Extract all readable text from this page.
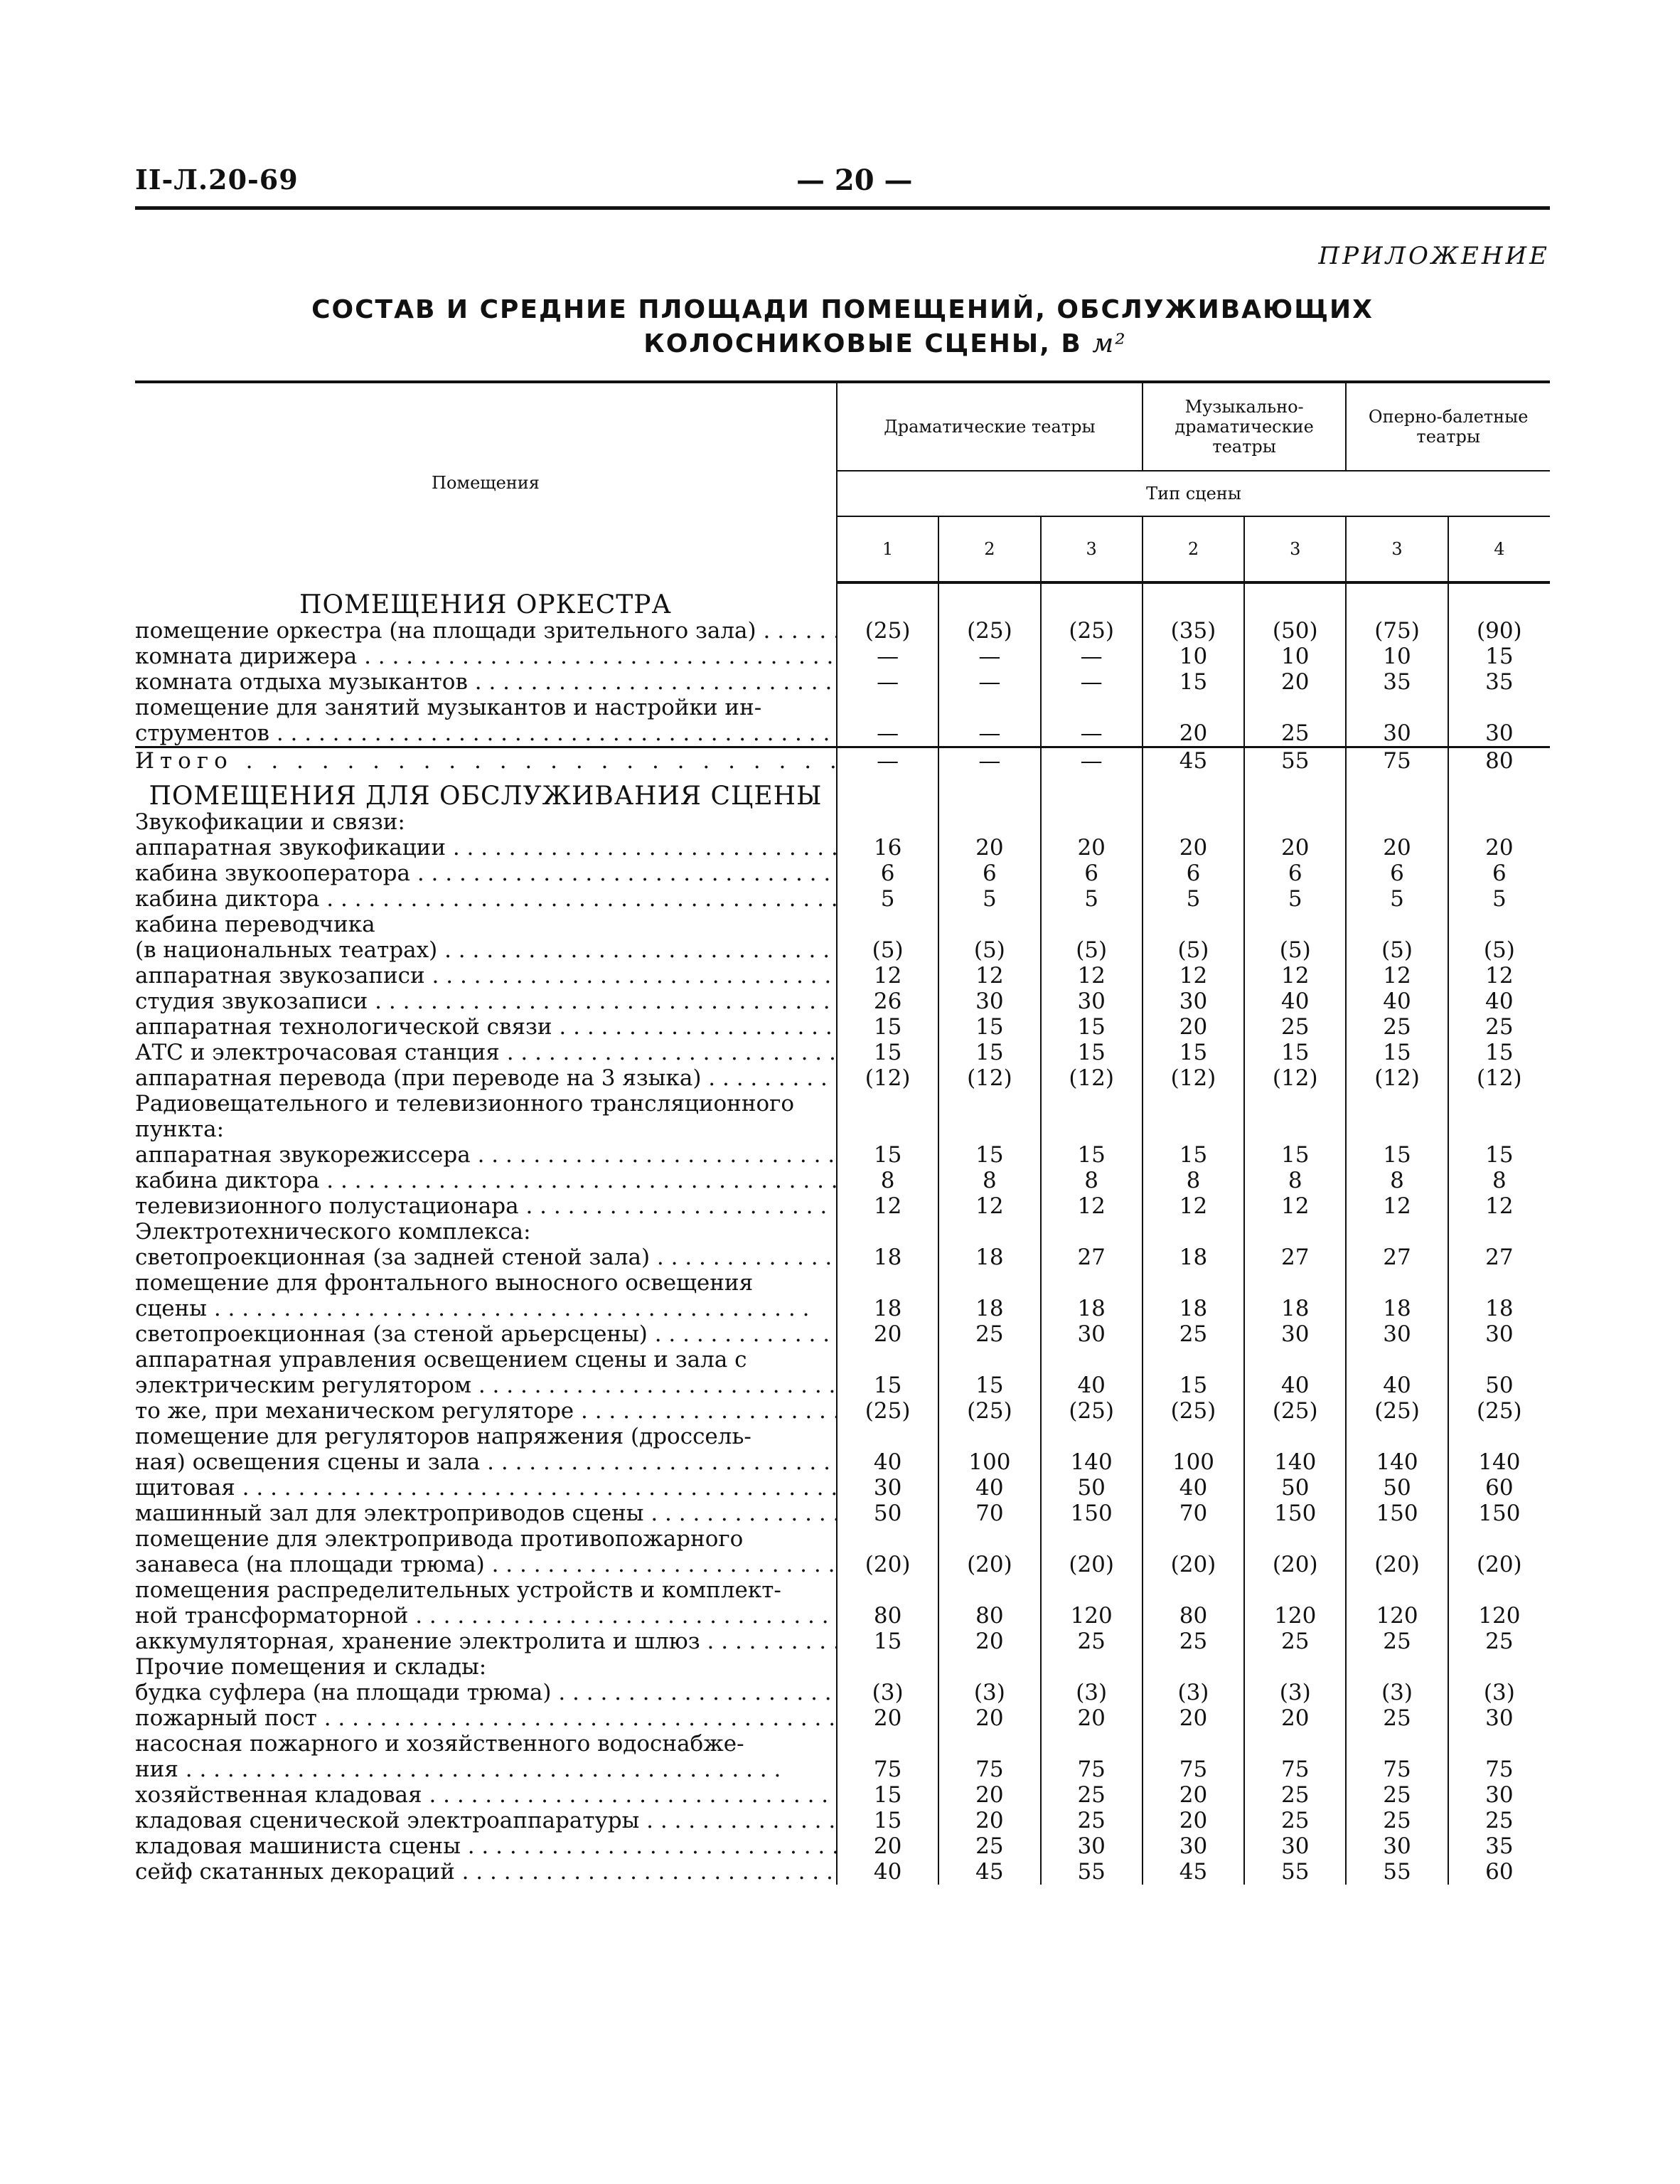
II-Л.20-69	— 20 —
ПРИЛОЖЕНИЕ
СОСТАВ И СРЕДНИЕ ПЛОЩАДИ ПОМЕЩЕНИЙ, ОБСЛУЖИВАЮЩИХ
КОЛОСНИКОВЫЕ СЦЕНЫ, В м²
Помещения	Драматические театры			Музыкально-драматические театры		Оперно-балетные театры	
	Тип сцены						
	1	2	3	2	3	3	4
ПОМЕЩЕНИЯ ОРКЕСТРА							
помещение оркестра (на площади зрительного зала) . . .	(25)	(25)	(25)	(35)	(50)	(75)	(90)
комната дирижера . . .	—	—	—	10	10	10	15
комната отдыха музыкантов . . .	—	—	—	15	20	35	35
помещение для занятий музыкантов и настройки ин-							
струментов . . .	—	—	—	20	25	30	30
Итого . . .	—	—	—	45	55	75	80
ПОМЕЩЕНИЯ ДЛЯ ОБСЛУЖИВАНИЯ СЦЕНЫ							
Звукофикации и связи:							
аппаратная звукофикации . . .	16	20	20	20	20	20	20
кабина звукооператора . . .	6	6	6	6	6	6	6
кабина диктора . . .	5	5	5	5	5	5	5
кабина переводчика							
(в национальных театрах) . . .	(5)	(5)	(5)	(5)	(5)	(5)	(5)
аппаратная звукозаписи . . .	12	12	12	12	12	12	12
студия звукозаписи . . .	26	30	30	30	40	40	40
аппаратная технологической связи . . .	15	15	15	20	25	25	25
АТС и электрочасовая станция . . .	15	15	15	15	15	15	15
аппаратная перевода (при переводе на 3 языка) . . .	(12)	(12)	(12)	(12)	(12)	(12)	(12)
Радиовещательного и телевизионного трансляционного							
пункта:							
аппаратная звукорежиссера . . .	15	15	15	15	15	15	15
кабина диктора . . .	8	8	8	8	8	8	8
телевизионного полустационара . . .	12	12	12	12	12	12	12
Электротехнического комплекса:							
светопроекционная (за задней стеной зала) . . .	18	18	27	18	27	27	27
помещение для фронтального выносного освещения							
сцены . . .	18	18	18	18	18	18	18
светопроекционная (за стеной арьерсцены) . . .	20	25	30	25	30	30	30
аппаратная управления освещением сцены и зала с							
электрическим регулятором . . .	15	15	40	15	40	40	50
то же, при механическом регуляторе . . .	(25)	(25)	(25)	(25)	(25)	(25)	(25)
помещение для регуляторов напряжения (дроссель-							
ная) освещения сцены и зала . . .	40	100	140	100	140	140	140
щитовая . . .	30	40	50	40	50	50	60
машинный зал для электроприводов сцены . . .	50	70	150	70	150	150	150
помещение для электропривода противопожарного							
занавеса (на площади трюма) . . .	(20)	(20)	(20)	(20)	(20)	(20)	(20)
помещения распределительных устройств и комплект-							
ной трансформаторной . . .	80	80	120	80	120	120	120
аккумуляторная, хранение электролита и шлюз . . .	15	20	25	25	25	25	25
Прочие помещения и склады:							
будка суфлера (на площади трюма) . . .	(3)	(3)	(3)	(3)	(3)	(3)	(3)
пожарный пост . . .	20	20	20	20	20	25	30
насосная пожарного и хозяйственного водоснабже-							
ния . . .	75	75	75	75	75	75	75
хозяйственная кладовая . . .	15	20	25	20	25	25	30
кладовая сценической электроаппаратуры . . .	15	20	25	20	25	25	25
кладовая машиниста сцены . . .	20	25	30	30	30	30	35
сейф скатанных декораций . . .	40	45	55	45	55	55	60
